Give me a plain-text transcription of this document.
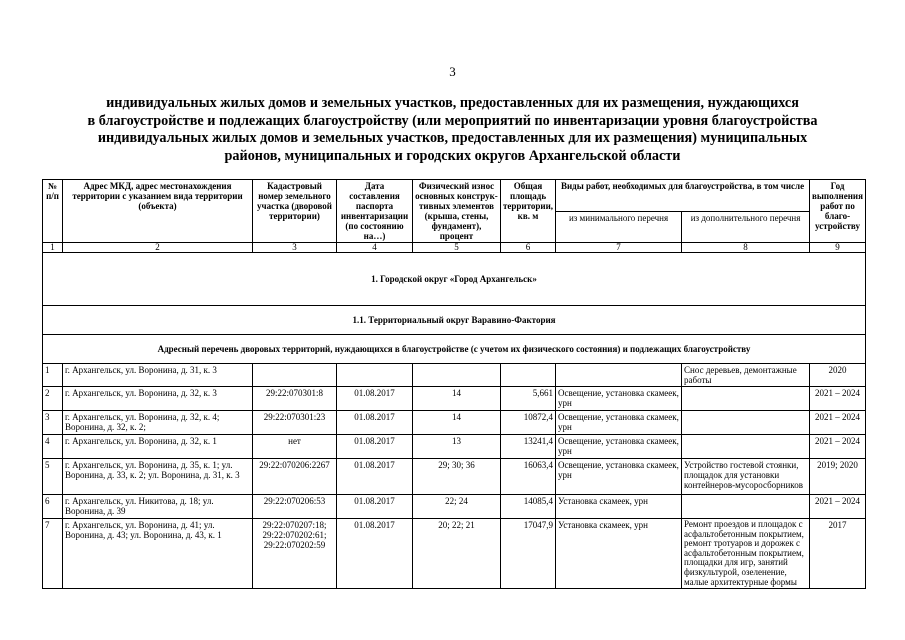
3
индивидуальных жилых домов и земельных участков, предоставленных для их размещения, нуждающихся
в благоустройстве и подлежащих благоустройству (или мероприятий по инвентаризации уровня благоустройства
индивидуальных жилых домов и земельных участков, предоставленных для их размещения) муниципальных
районов, муниципальных и городских округов Архангельской области
№ п/п	Адрес МКД, адрес местонахождения территории с указанием вида территории (объекта)	Кадастровый номер земельного участка (дворовой территории)	Дата составления паспорта инвентаризации (по состоянию на…)	Физический износ основных конструк-тивных элементов (крыша, стены, фундамент), процент	Общая площадь территории, кв. м	Виды работ, необходимых для благоустройства, в том числе		Год выполнения работ по благо-устройству
						из минимального перечня	из дополнительного перечня	
1	2	3	4	5	6	7	8	9
1. Городской округ «Город Архангельск»								
1.1. Территориальный округ Варавино-Фактория								
Адресный перечень дворовых территорий, нуждающихся в благоустройстве (с учетом их физического состояния) и подлежащих благоустройству								
1	г. Архангельск, ул. Воронина, д. 31, к. 3						Снос деревьев, демонтажные работы	2020
2	г. Архангельск, ул. Воронина, д. 32, к. 3	29:22:070301:8	01.08.2017	14	5,661	Освещение, установка скамеек, урн		2021 – 2024
3	г. Архангельск, ул. Воронина, д. 32, к. 4; Воронина, д. 32, к. 2;	29:22:070301:23	01.08.2017	14	10872,4	Освещение, установка скамеек, урн		2021 – 2024
4	г. Архангельск, ул. Воронина, д. 32, к. 1	нет	01.08.2017	13	13241,4	Освещение, установка скамеек, урн		2021 – 2024
5	г. Архангельск, ул. Воронина, д. 35, к. 1; ул. Воронина, д. 33, к. 2; ул. Воронина, д. 31, к. 3	29:22:070206:2267	01.08.2017	29; 30; 36	16063,4	Освещение, установка скамеек, урн	Устройство гостевой стоянки, площадок для установки контейнеров-мусоросборников	2019; 2020
6	г. Архангельск, ул. Никитова, д. 18; ул. Воронина, д. 39	29:22:070206:53	01.08.2017	22; 24	14085,4	Установка скамеек, урн		2021 – 2024
7	г. Архангельск, ул. Воронина, д. 41; ул. Воронина, д. 43; ул. Воронина, д. 43, к. 1	29:22:070207:18; 29:22:070202:61; 29:22:070202:59	01.08.2017	20; 22; 21	17047,9	Установка скамеек, урн	Ремонт проездов и площадок с асфальтобетонным покрытием, ремонт тротуаров и дорожек с асфальтобетонным покрытием, площадки для игр, занятий физкультурой, озеленение, малые архитектурные формы	2017
